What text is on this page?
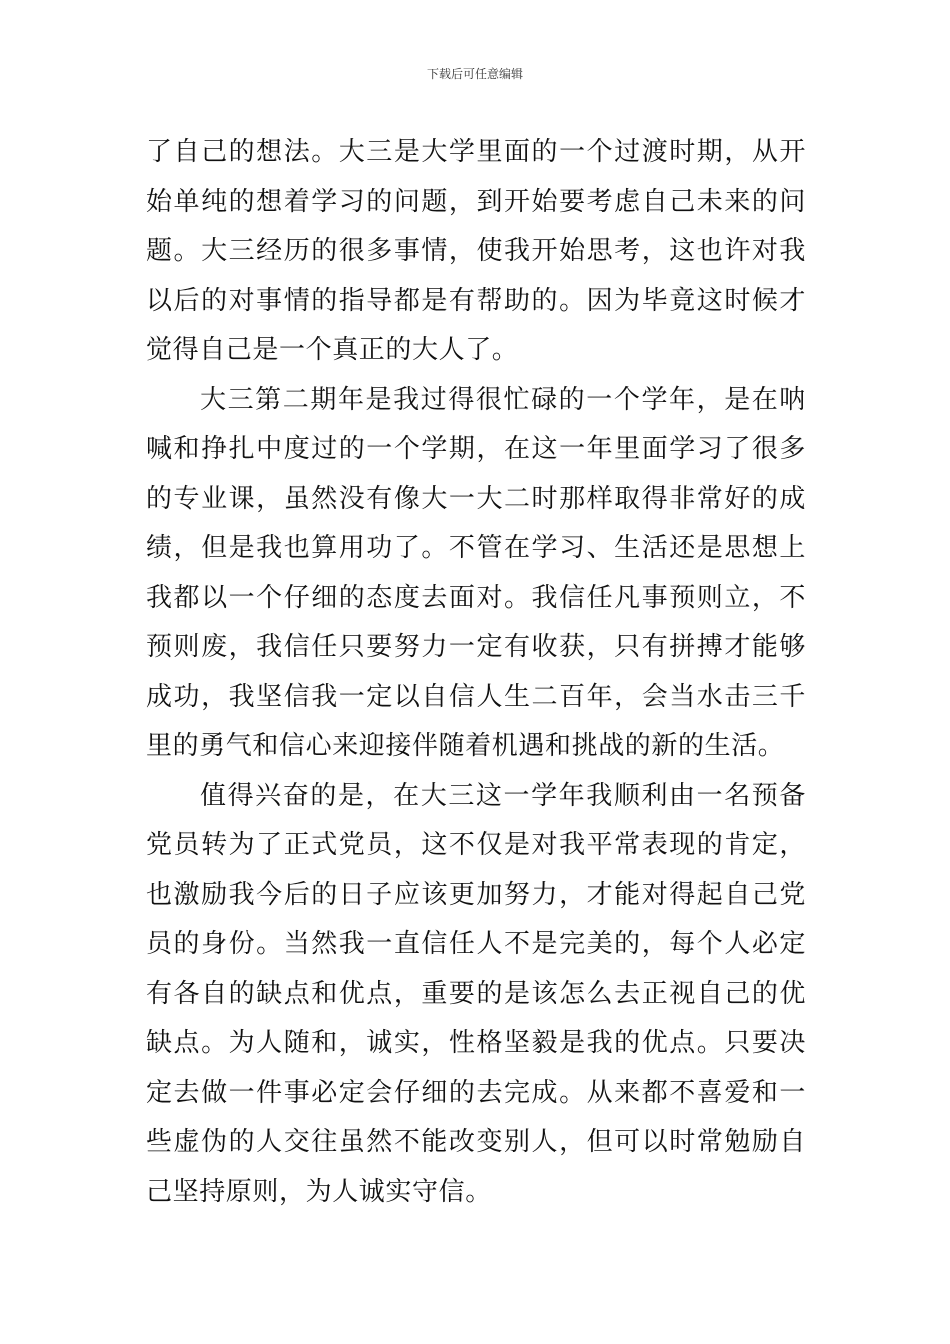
下载后可任意编辑

了自己的想法。大三是大学里面的一个过渡时期，从开始单纯的想着学习的问题，到开始要考虑自己未来的问题。大三经历的很多事情，使我开始思考，这也许对我以后的对事情的指导都是有帮助的。因为毕竟这时候才觉得自己是一个真正的大人了。

大三第二期年是我过得很忙碌的一个学年，是在呐喊和挣扎中度过的一个学期，在这一年里面学习了很多的专业课，虽然没有像大一大二时那样取得非常好的成绩，但是我也算用功了。不管在学习、生活还是思想上我都以一个仔细的态度去面对。我信任凡事预则立，不预则废，我信任只要努力一定有收获，只有拼搏才能够成功，我坚信我一定以自信人生二百年，会当水击三千里的勇气和信心来迎接伴随着机遇和挑战的新的生活。

值得兴奋的是，在大三这一学年我顺利由一名预备党员转为了正式党员，这不仅是对我平常表现的肯定，也激励我今后的日子应该更加努力，才能对得起自己党员的身份。当然我一直信任人不是完美的，每个人必定有各自的缺点和优点，重要的是该怎么去正视自己的优缺点。为人随和，诚实，性格坚毅是我的优点。只要决定去做一件事必定会仔细的去完成。从来都不喜爱和一些虚伪的人交往虽然不能改变别人，但可以时常勉励自己坚持原则，为人诚实守信。
